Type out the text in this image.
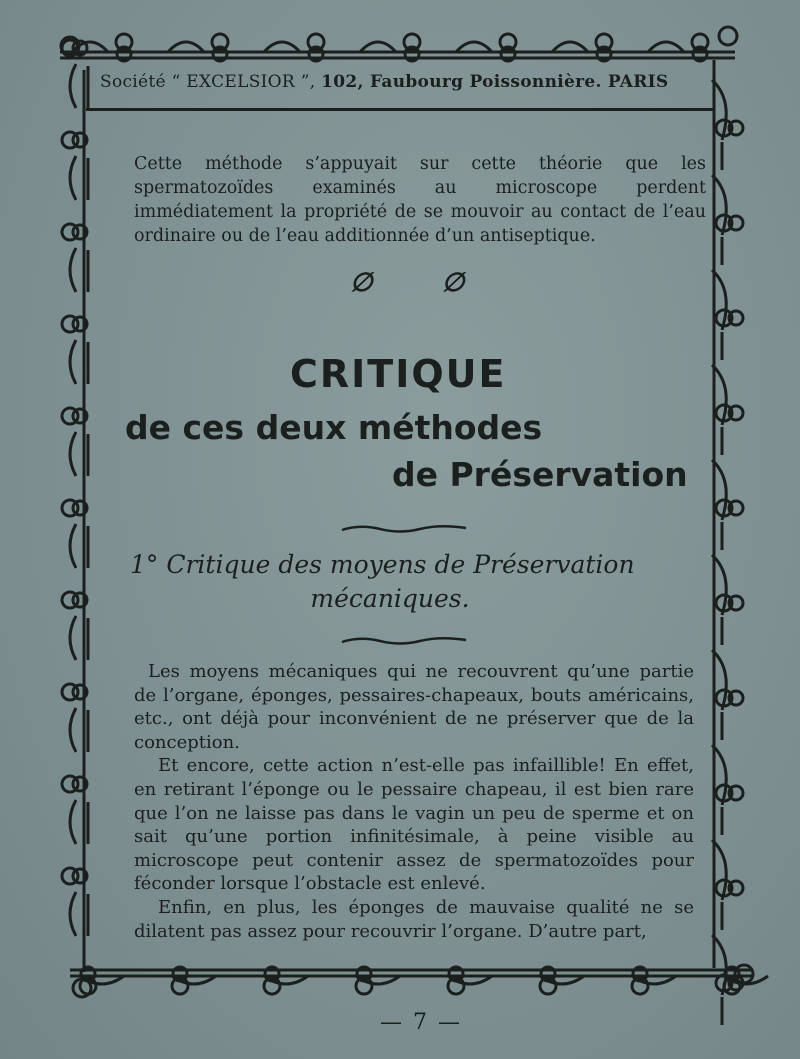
Société “ EXCELSIOR ”, 102, Faubourg Poissonnière. PARIS
Cette méthode s’appuyait sur cette théorie que les spermatozoïdes examinés au microscope perdent immédiatement la propriété de se mouvoir au contact de l’eau ordinaire ou de l’eau additionnée d’un antiseptique.
∅ ∅
CRITIQUE
de ces deux méthodes
de Préservation
1° Critique des moyens de Préservation
mécaniques.

Les moyens mécaniques qui ne recouvrent qu’une partie de l’organe, éponges, pessaires-chapeaux, bouts américains, etc., ont déjà pour inconvénient de ne préserver que de la conception.

Et encore, cette action n’est-elle pas infaillible! En effet, en retirant l’éponge ou le pessaire chapeau, il est bien rare que l’on ne laisse pas dans le vagin un peu de sperme et on sait qu’une portion infinitésimale, à peine visible au microscope peut contenir assez de spermatozoïdes pour féconder lorsque l’obstacle est enlevé.

Enfin, en plus, les éponges de mauvaise qualité ne se dilatent pas assez pour recouvrir l’organe. D’autre part,

— 7 —
